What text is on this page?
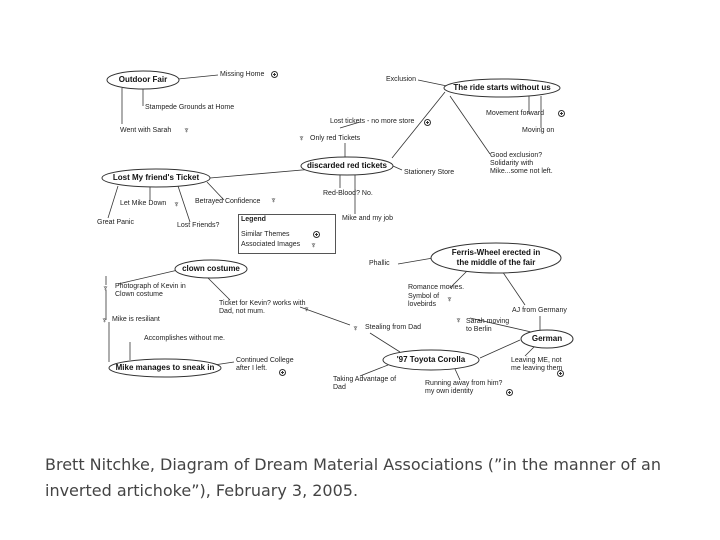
Outdoor Fair
The ride starts without us
discarded red tickets
Lost My friend's Ticket
clown costume
Ferris-Wheel erected in the middle of the fair
German
'97 Toyota Corolla
Mike manages to sneak in
Missing Home
Stampede Grounds at Home
Went with Sarah
Exclusion
Movement forward
Moving on
Lost tickets - no more store
Only red Tickets
Good exclusion? Solidarity with Mike...some not left.
Stationery Store
Red-Blood? No.
Mike and my job
Let Mike Down	Betrayed Confidence
Great Panic	Lost Friends?
Phallic
Photograph of Kevin in Clown costume
Ticket for Kevin? works with Dad, not mum.
Romance movies.
Symbol of lovebirds
AJ from Germany
Mike is resiliant	Sarah moving to Berlin
Stealing from Dad
Accomplishes without me.
Continued College after I left.
Leaving ME, not me leaving them
Taking Advantage of Dad
Running away from him? my own identity
Legend
Similar Themes
Associated Images
♆
♆
♆	♆
♆
♆
♆
♆
♆
♆
♆
Brett Nitchke, Diagram of Dream Material Associations (”in the manner of an inverted artichoke”), February 3, 2005.
